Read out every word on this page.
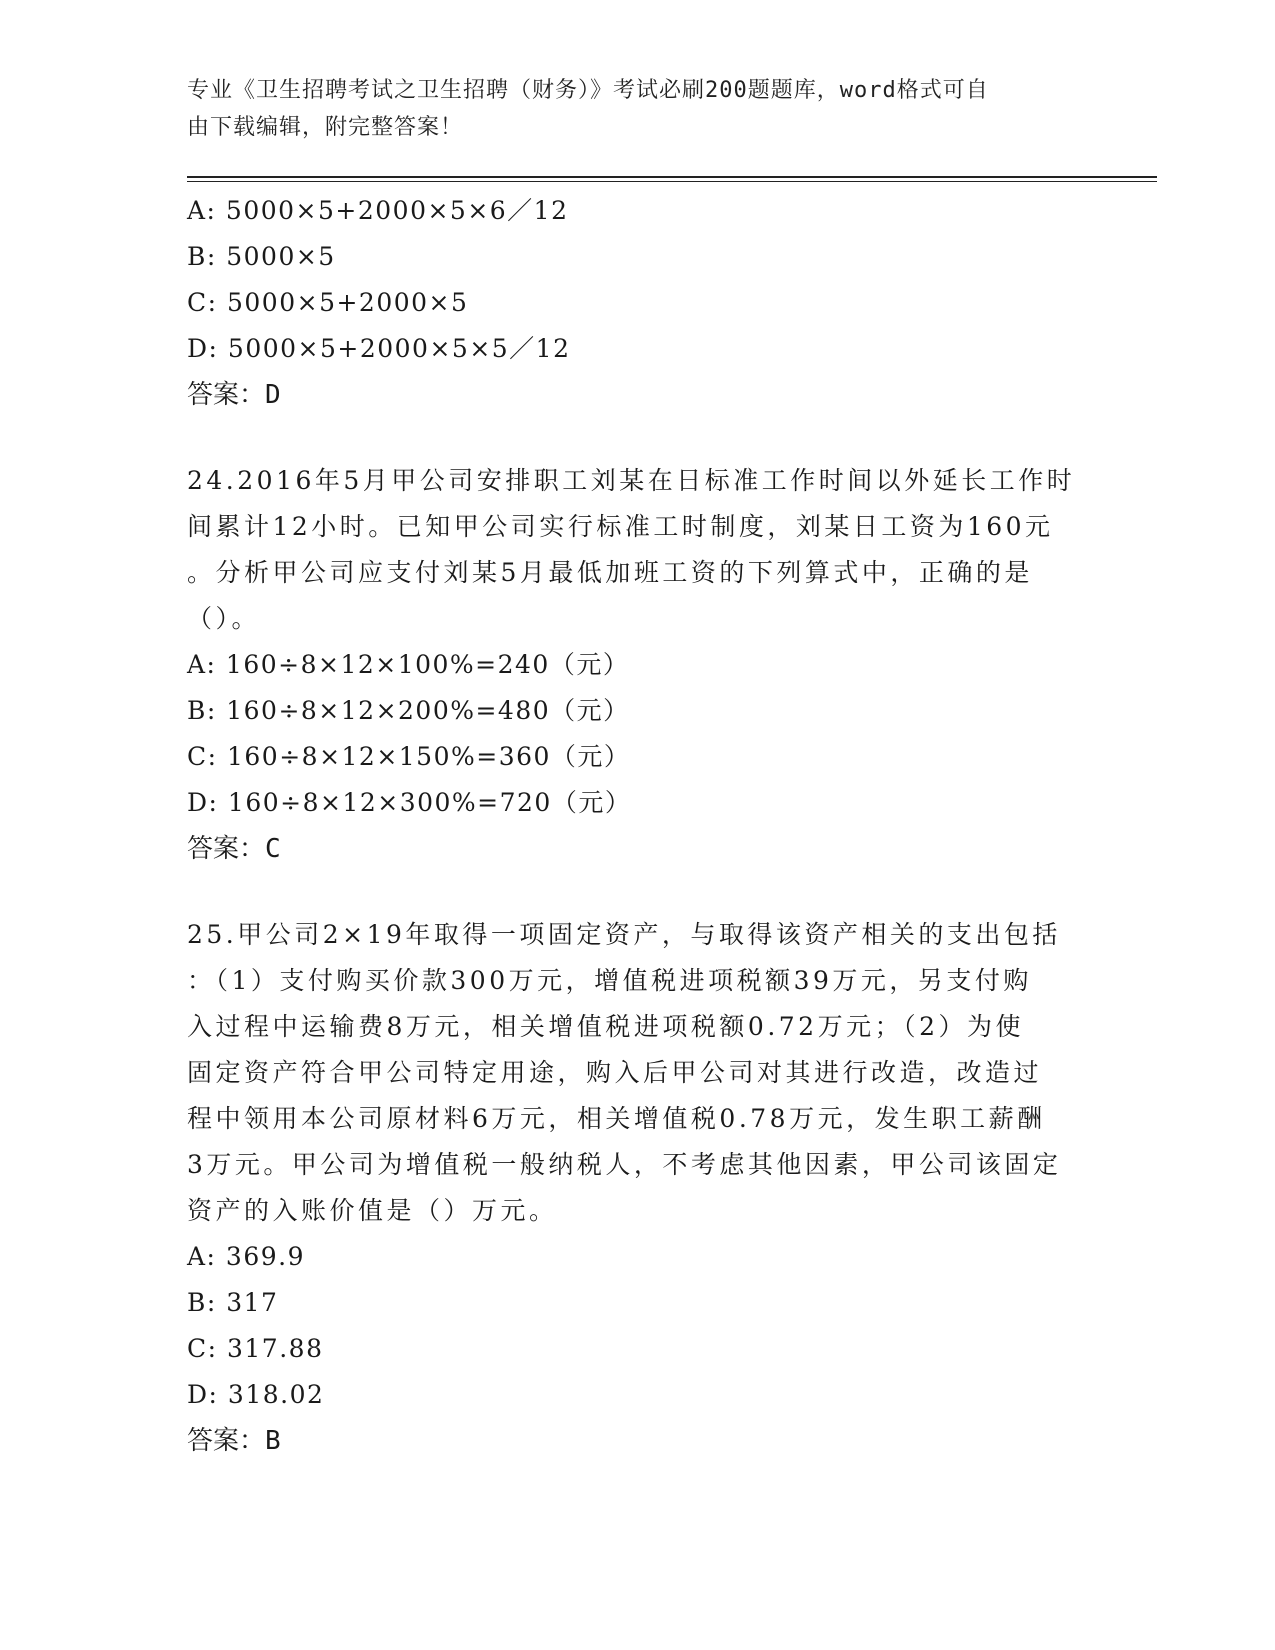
专业《卫生招聘考试之卫生招聘（财务）》考试必刷200题题库，word格式可自
由下载编辑，附完整答案！
A: 5000×5+2000×5×6／12
B: 5000×5
C: 5000×5+2000×5
D: 5000×5+2000×5×5／12
答案：D
24.2016年5月甲公司安排职工刘某在日标准工作时间以外延长工作时
间累计12小时。已知甲公司实行标准工时制度，刘某日工资为160元
。分析甲公司应支付刘某5月最低加班工资的下列算式中，正确的是
（）。
A: 160÷8×12×100%=240（元）
B: 160÷8×12×200%=480（元）
C: 160÷8×12×150%=360（元）
D: 160÷8×12×300%=720（元）
答案：C
25.甲公司2×19年取得一项固定资产，与取得该资产相关的支出包括
：（1）支付购买价款300万元，增值税进项税额39万元，另支付购
入过程中运输费8万元，相关增值税进项税额0.72万元；（2）为使
固定资产符合甲公司特定用途，购入后甲公司对其进行改造，改造过
程中领用本公司原材料6万元，相关增值税0.78万元，发生职工薪酬
3万元。甲公司为增值税一般纳税人，不考虑其他因素，甲公司该固定
资产的入账价值是（）万元。
A: 369.9
B: 317
C: 317.88
D: 318.02
答案：B
